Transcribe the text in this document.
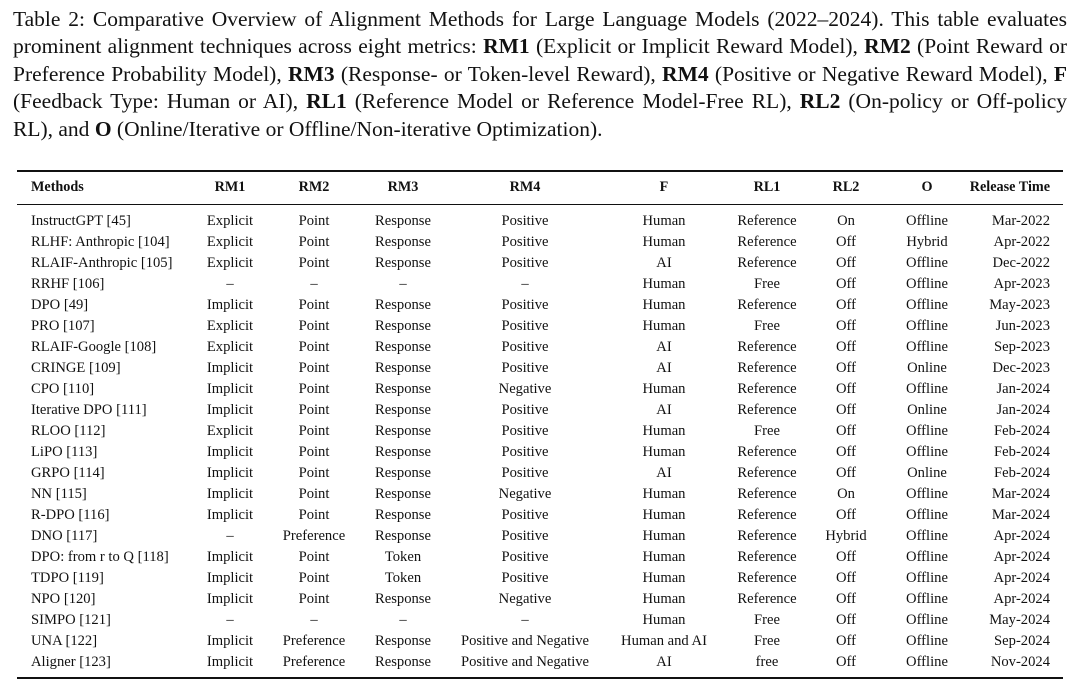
Table 2: Comparative Overview of Alignment Methods for Large Language Models (2022–2024). This table evaluates prominent alignment techniques across eight metrics: RM1 (Explicit or Implicit Reward Model), RM2 (Point Reward or Preference Probability Model), RM3 (Response- or Token-level Reward), RM4 (Positive or Negative Reward Model), F (Feedback Type: Human or AI), RL1 (Reference Model or Reference Model-Free RL), RL2 (On-policy or Off-policy RL), and O (Online/Iterative or Offline/Non-iterative Optimization).

Methods	RM1	RM2	RM3	RM4	F	RL1	RL2	O	Release Time
InstructGPT [45]	Explicit	Point	Response	Positive	Human	Reference	On	Offline	Mar-2022
RLHF: Anthropic [104]	Explicit	Point	Response	Positive	Human	Reference	Off	Hybrid	Apr-2022
RLAIF-Anthropic [105]	Explicit	Point	Response	Positive	AI	Reference	Off	Offline	Dec-2022
RRHF [106]	–	–	–	–	Human	Free	Off	Offline	Apr-2023
DPO [49]	Implicit	Point	Response	Positive	Human	Reference	Off	Offline	May-2023
PRO [107]	Explicit	Point	Response	Positive	Human	Free	Off	Offline	Jun-2023
RLAIF-Google [108]	Explicit	Point	Response	Positive	AI	Reference	Off	Offline	Sep-2023
CRINGE [109]	Implicit	Point	Response	Positive	AI	Reference	Off	Online	Dec-2023
CPO [110]	Implicit	Point	Response	Negative	Human	Reference	Off	Offline	Jan-2024
Iterative DPO [111]	Implicit	Point	Response	Positive	AI	Reference	Off	Online	Jan-2024
RLOO [112]	Explicit	Point	Response	Positive	Human	Free	Off	Offline	Feb-2024
LiPO [113]	Implicit	Point	Response	Positive	Human	Reference	Off	Offline	Feb-2024
GRPO [114]	Implicit	Point	Response	Positive	AI	Reference	Off	Online	Feb-2024
NN [115]	Implicit	Point	Response	Negative	Human	Reference	On	Offline	Mar-2024
R-DPO [116]	Implicit	Point	Response	Positive	Human	Reference	Off	Offline	Mar-2024
DNO [117]	–	Preference	Response	Positive	Human	Reference	Hybrid	Offline	Apr-2024
DPO: from r to Q [118]	Implicit	Point	Token	Positive	Human	Reference	Off	Offline	Apr-2024
TDPO [119]	Implicit	Point	Token	Positive	Human	Reference	Off	Offline	Apr-2024
NPO [120]	Implicit	Point	Response	Negative	Human	Reference	Off	Offline	Apr-2024
SIMPO [121]	–	–	–	–	Human	Free	Off	Offline	May-2024
UNA [122]	Implicit	Preference	Response	Positive and Negative	Human and AI	Free	Off	Offline	Sep-2024
Aligner [123]	Implicit	Preference	Response	Positive and Negative	AI	free	Off	Offline	Nov-2024
